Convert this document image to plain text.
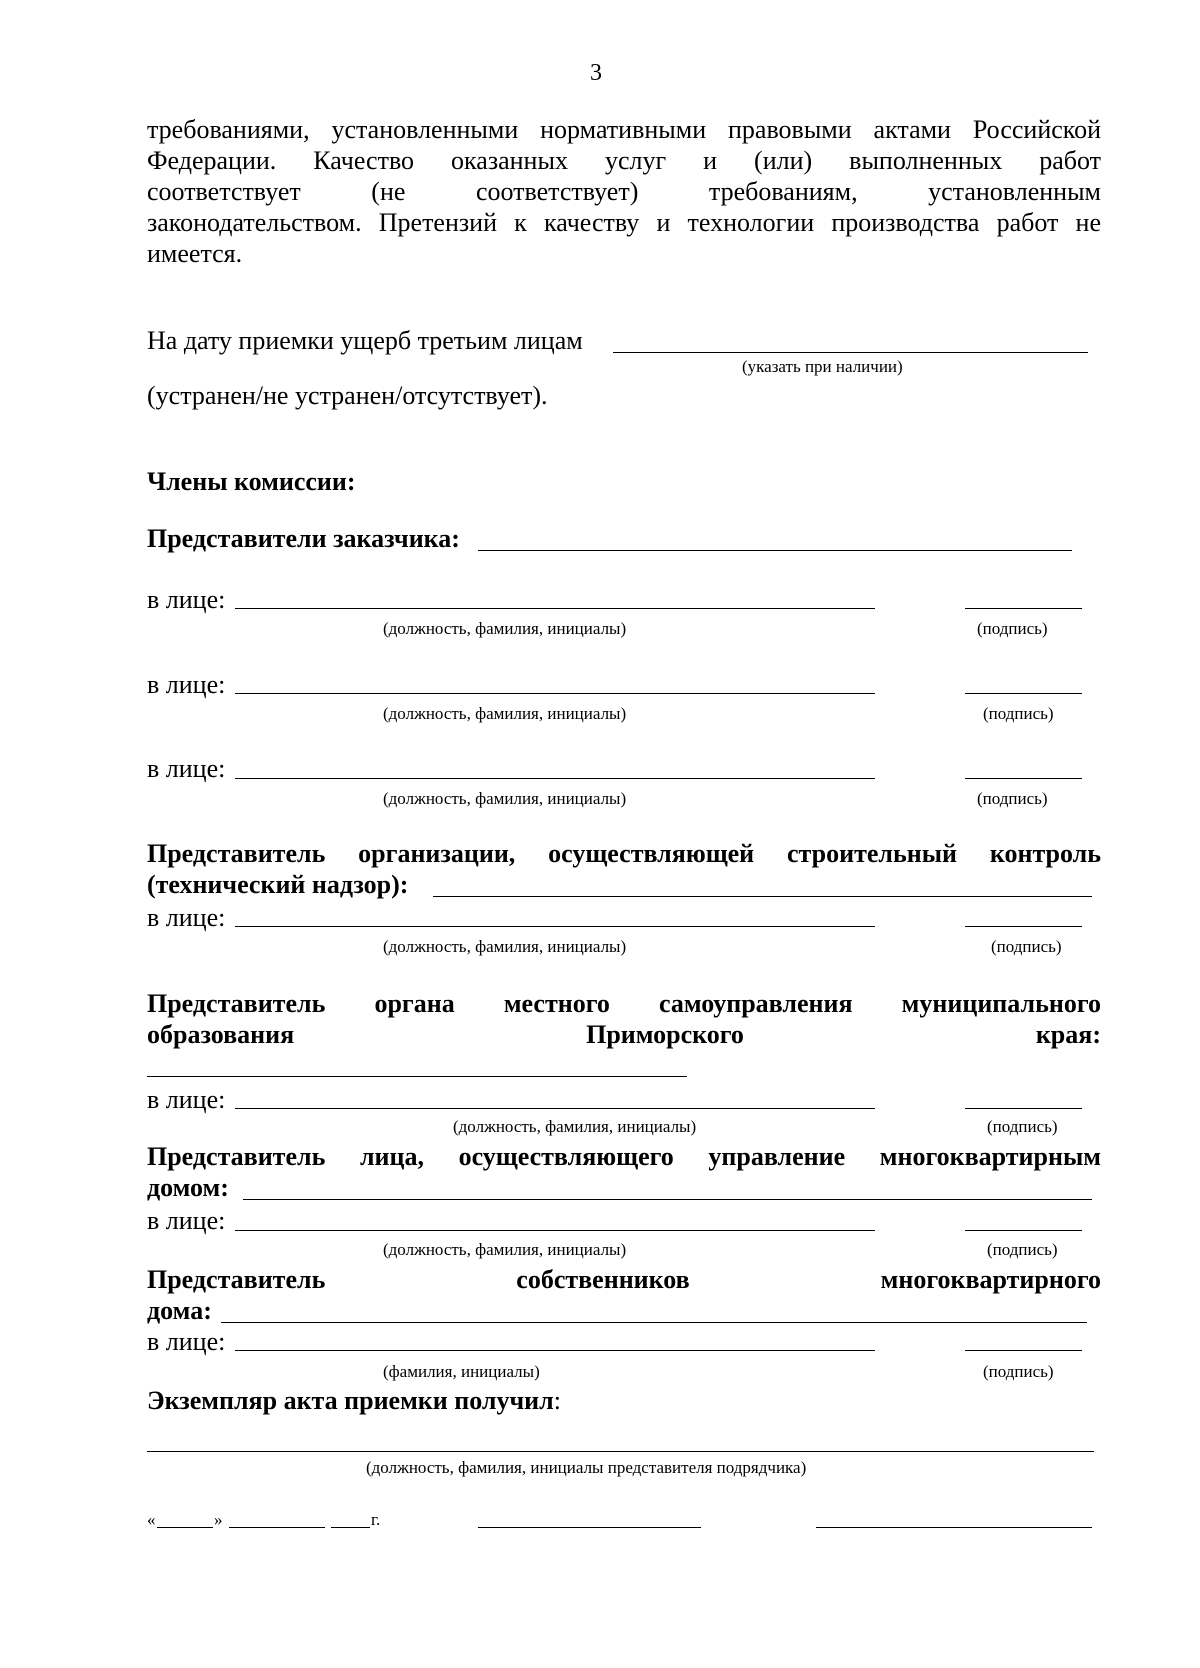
3
требованиями, установленными нормативными правовыми актами Российской
Федерации. Качество оказанных услуг и (или) выполненных работ
соответствует (не соответствует) требованиям, установленным
законодательством. Претензий к качеству и технологии производства работ не
имеется.
На дату приемки ущерб третьим лицам
(указать при наличии)
(устранен/не устранен/отсутствует).
Члены комиссии:
Представители заказчика:
в лице:
(должность, фамилия, инициалы)	(подпись)
в лице:
(должность, фамилия, инициалы)	(подпись)
в лице:
(должность, фамилия, инициалы)	(подпись)
Представитель организации, осуществляющей строительный контроль
(технический надзор):
в лице:
(должность, фамилия, инициалы)	(подпись)
Представитель органа местного самоуправления муниципального
образования	Приморского	края:
в лице:
(должность, фамилия, инициалы)	(подпись)
Представитель лица, осуществляющего управление многоквартирным
домом:
в лице:
(должность, фамилия, инициалы)	(подпись)
Представитель собственников многоквартирного
дома:
в лице:
(фамилия, инициалы)	(подпись)
Экземпляр акта приемки получил:
(должность, фамилия, инициалы представителя подрядчика)
«	»	г.
